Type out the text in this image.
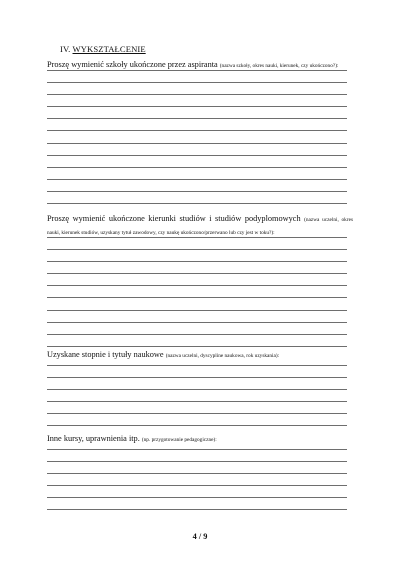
IV. WYKSZTAŁCENIE
Proszę wymienić szkoły ukończone przez aspiranta (nazwa szkoły, okres nauki, kierunek, czy ukończono?):
Proszę wymienić ukończone kierunki studiów i studiów podyplomowych (nazwa uczelni, okres nauki, kierunek studiów, uzyskany tytuł zawodowy, czy naukę ukończono/przerwano lub czy jest w toku?):
Uzyskane stopnie i tytuły naukowe (nazwa uczelni, dyscypline naukowa, rok uzyskania):
Inne kursy, uprawnienia itp. (np. przygotowanie pedagogiczne):
4 / 9
